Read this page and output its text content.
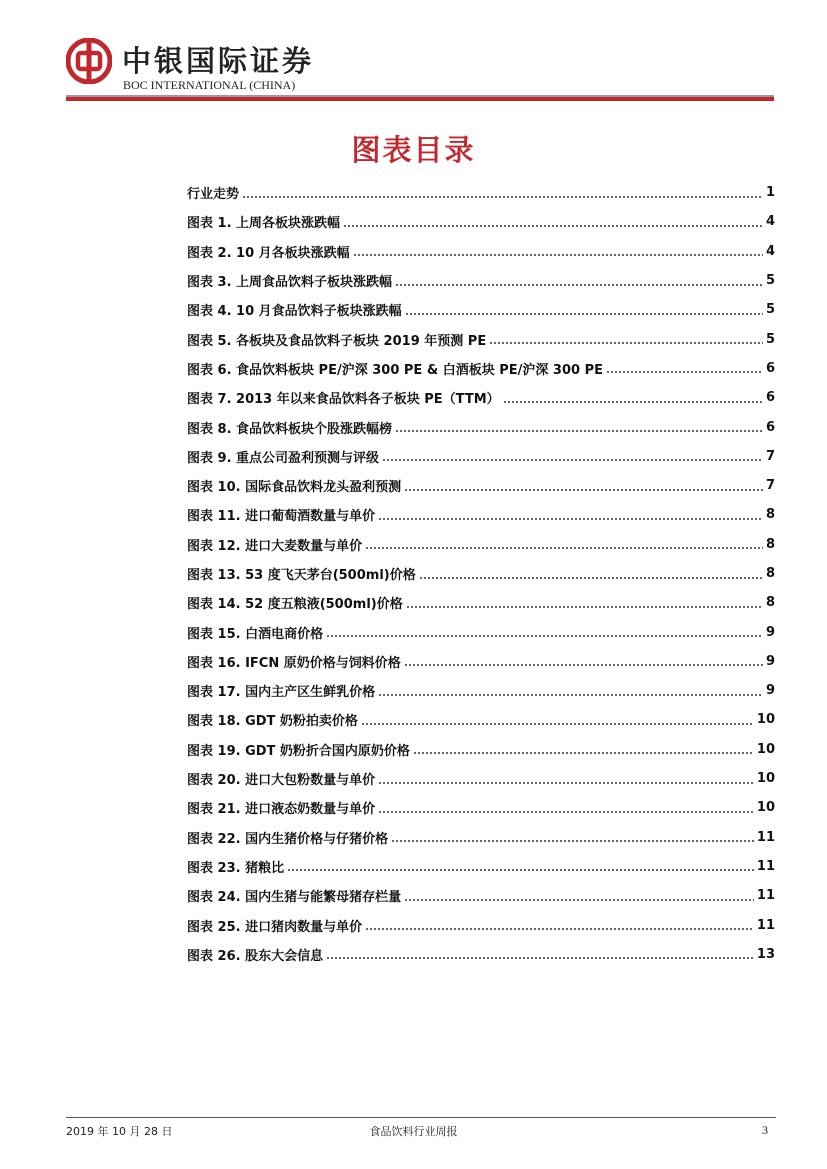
中银国际证券
BOC INTERNATIONAL (CHINA)
图表目录
行业走势	1
图表 1. 上周各板块涨跌幅	4
图表 2. 10 月各板块涨跌幅	4
图表 3. 上周食品饮料子板块涨跌幅	5
图表 4. 10 月食品饮料子板块涨跌幅	5
图表 5. 各板块及食品饮料子板块 2019 年预测 PE	5
图表 6. 食品饮料板块 PE/沪深 300 PE & 白酒板块 PE/沪深 300 PE	6
图表 7. 2013 年以来食品饮料各子板块 PE（TTM）	6
图表 8. 食品饮料板块个股涨跌幅榜	6
图表 9. 重点公司盈利预测与评级	7
图表 10. 国际食品饮料龙头盈利预测	7
图表 11. 进口葡萄酒数量与单价	8
图表 12. 进口大麦数量与单价	8
图表 13. 53 度飞天茅台(500ml)价格	8
图表 14. 52 度五粮液(500ml)价格	8
图表 15. 白酒电商价格	9
图表 16. IFCN 原奶价格与饲料价格	9
图表 17. 国内主产区生鲜乳价格	9
图表 18. GDT 奶粉拍卖价格	10
图表 19. GDT 奶粉折合国内原奶价格	10
图表 20. 进口大包粉数量与单价	10
图表 21. 进口液态奶数量与单价	10
图表 22. 国内生猪价格与仔猪价格	11
图表 23. 猪粮比	11
图表 24. 国内生猪与能繁母猪存栏量	11
图表 25. 进口猪肉数量与单价	11
图表 26. 股东大会信息	13
2019 年 10 月 28 日	食品饮料行业周报	3
